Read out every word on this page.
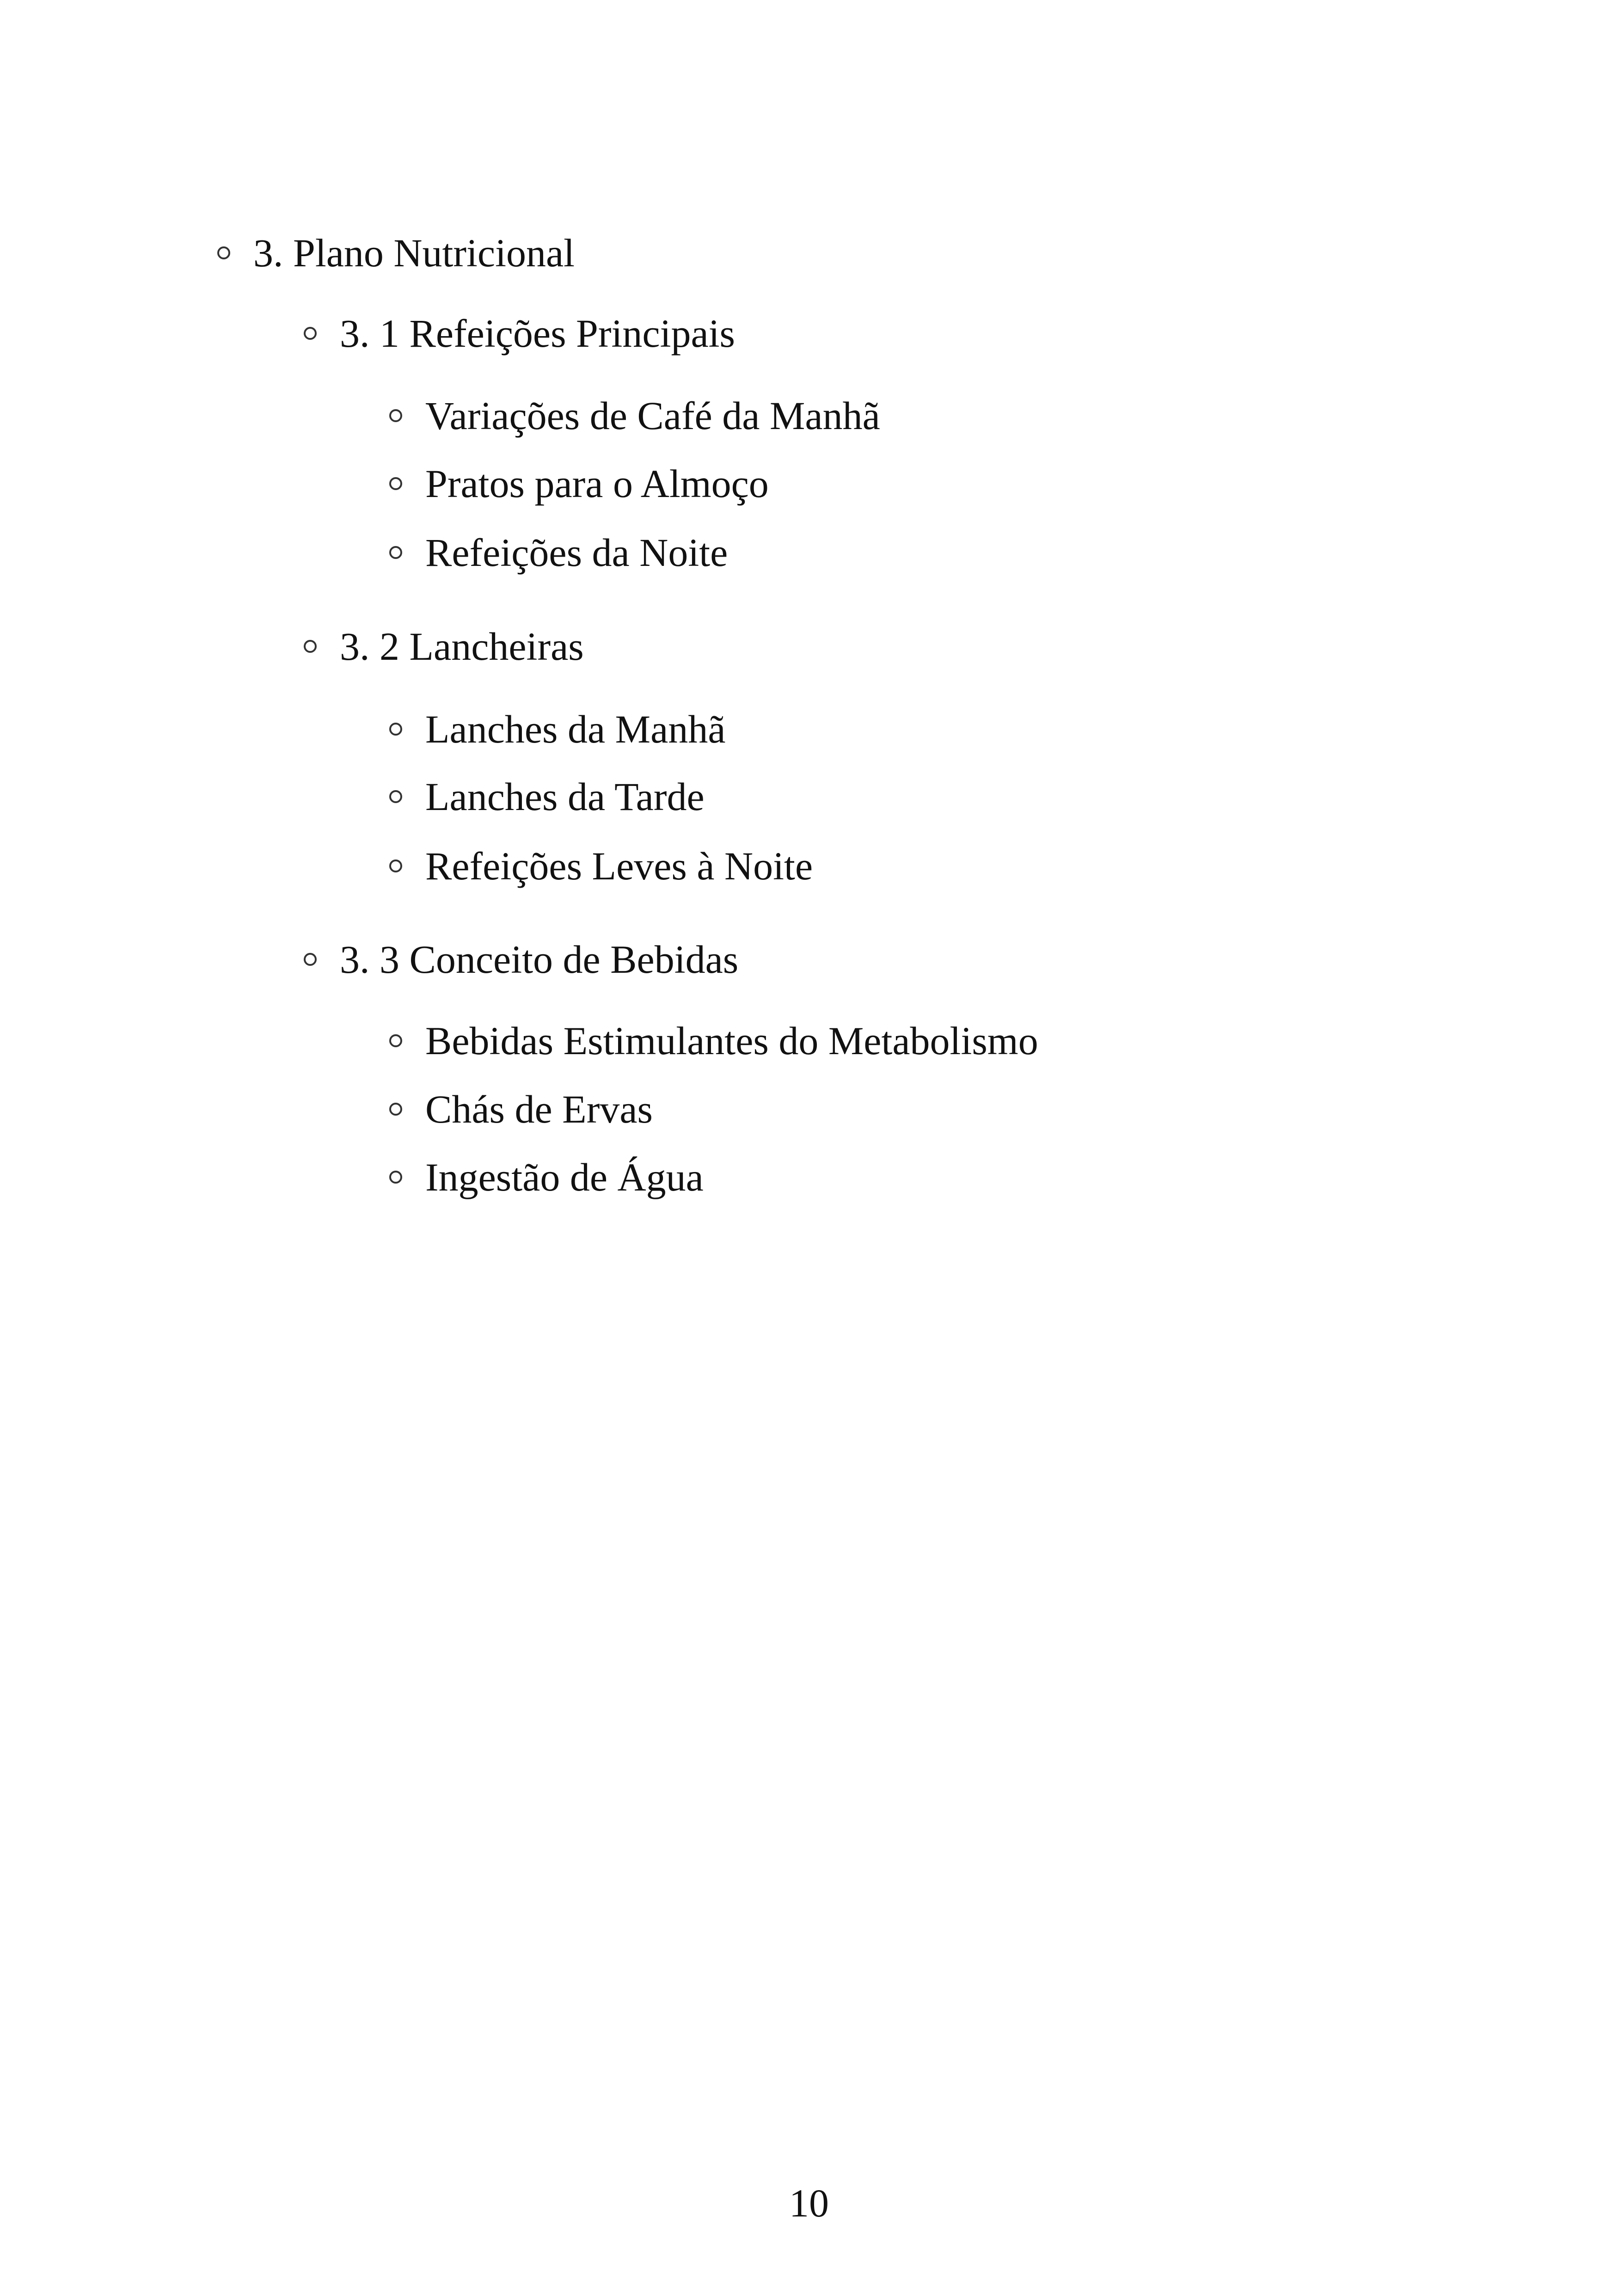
3. Plano Nutricional
3. 1 Refeições Principais
Variações de Café da Manhã
Pratos para o Almoço
Refeições da Noite
3. 2 Lancheiras
Lanches da Manhã
Lanches da Tarde
Refeições Leves à Noite
3. 3 Conceito de Bebidas
Bebidas Estimulantes do Metabolismo
Chás de Ervas
Ingestão de Água
10
